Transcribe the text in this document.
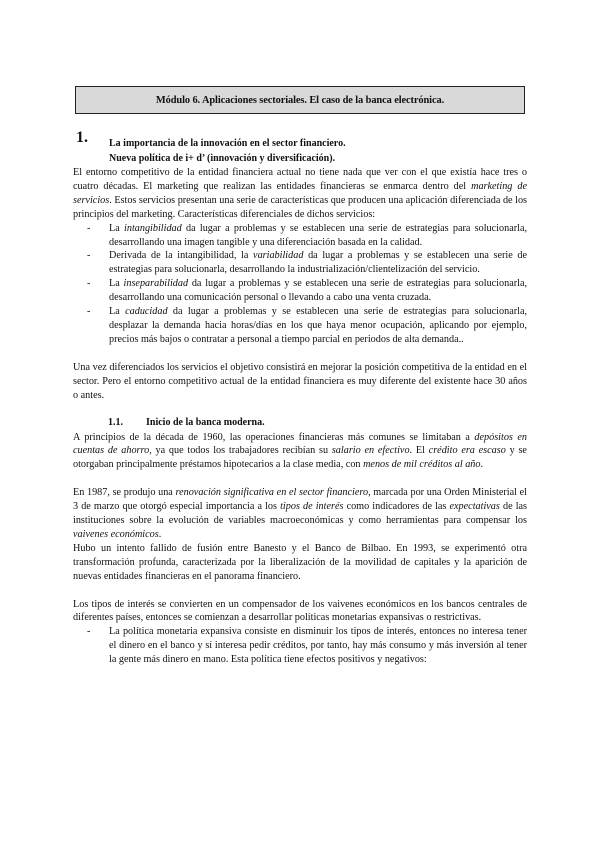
Módulo 6. Aplicaciones sectoriales. El caso de la banca electrónica.
1. La importancia de la innovación en el sector financiero.
Nueva política de i+ d’ (innovación y diversificación).

El entorno competitivo de la entidad financiera actual no tiene nada que ver con el que existía hace tres o cuatro décadas. El marketing que realizan las entidades financieras se enmarca dentro del marketing de servicios. Estos servicios presentan una serie de características que producen una aplicación diferenciada de los principios del marketing. Características diferenciales de dichos servicios:

- La intangibilidad da lugar a problemas y se establecen una serie de estrategias para solucionarla, desarrollando una imagen tangible y una diferenciación basada en la calidad.
- Derivada de la intangibilidad, la variabilidad da lugar a problemas y se establecen una serie de estrategias para solucionarla, desarrollando la industrialización/clientelización del servicio.
- La inseparabilidad da lugar a problemas y se establecen una serie de estrategias para solucionarla, desarrollando una comunicación personal o llevando a cabo una venta cruzada.
- La caducidad da lugar a problemas y se establecen una serie de estrategias para solucionarla, desplazar la demanda hacia horas/días en los que haya menor ocupación, aplicando por ejemplo, precios más bajos o contratar a personal a tiempo parcial en periodos de alta demanda..

Una vez diferenciados los servicios el objetivo consistirá en mejorar la posición competitiva de la entidad en el sector. Pero el entorno competitivo actual de la entidad financiera es muy diferente del existente hace 30 años o antes.

1.1. Inicio de la banca moderna.

A principios de la década de 1960, las operaciones financieras más comunes se limitaban a depósitos en cuentas de ahorro, ya que todos los trabajadores recibían su salario en efectivo. El crédito era escaso y se otorgaban principalmente préstamos hipotecarios a la clase media, con menos de mil créditos al año.

En 1987, se produjo una renovación significativa en el sector financiero, marcada por una Orden Ministerial el 3 de marzo que otorgó especial importancia a los tipos de interés como indicadores de las expectativas de las instituciones sobre la evolución de variables macroeconómicas y como herramientas para compensar los vaivenes económicos.

Hubo un intento fallido de fusión entre Banesto y el Banco de Bilbao. En 1993, se experimentó otra transformación profunda, caracterizada por la liberalización de la movilidad de capitales y la aparición de nuevas entidades financieras en el panorama financiero.

Los tipos de interés se convierten en un compensador de los vaivenes económicos en los bancos centrales de diferentes países, entonces se comienzan a desarrollar políticas monetarias expansivas o restrictivas.

- La política monetaria expansiva consiste en disminuir los tipos de interés, entonces no interesa tener el dinero en el banco y sí interesa pedir créditos, por tanto, hay más consumo y más inversión al tener la gente más dinero en mano. Esta política tiene efectos positivos y negativos:
